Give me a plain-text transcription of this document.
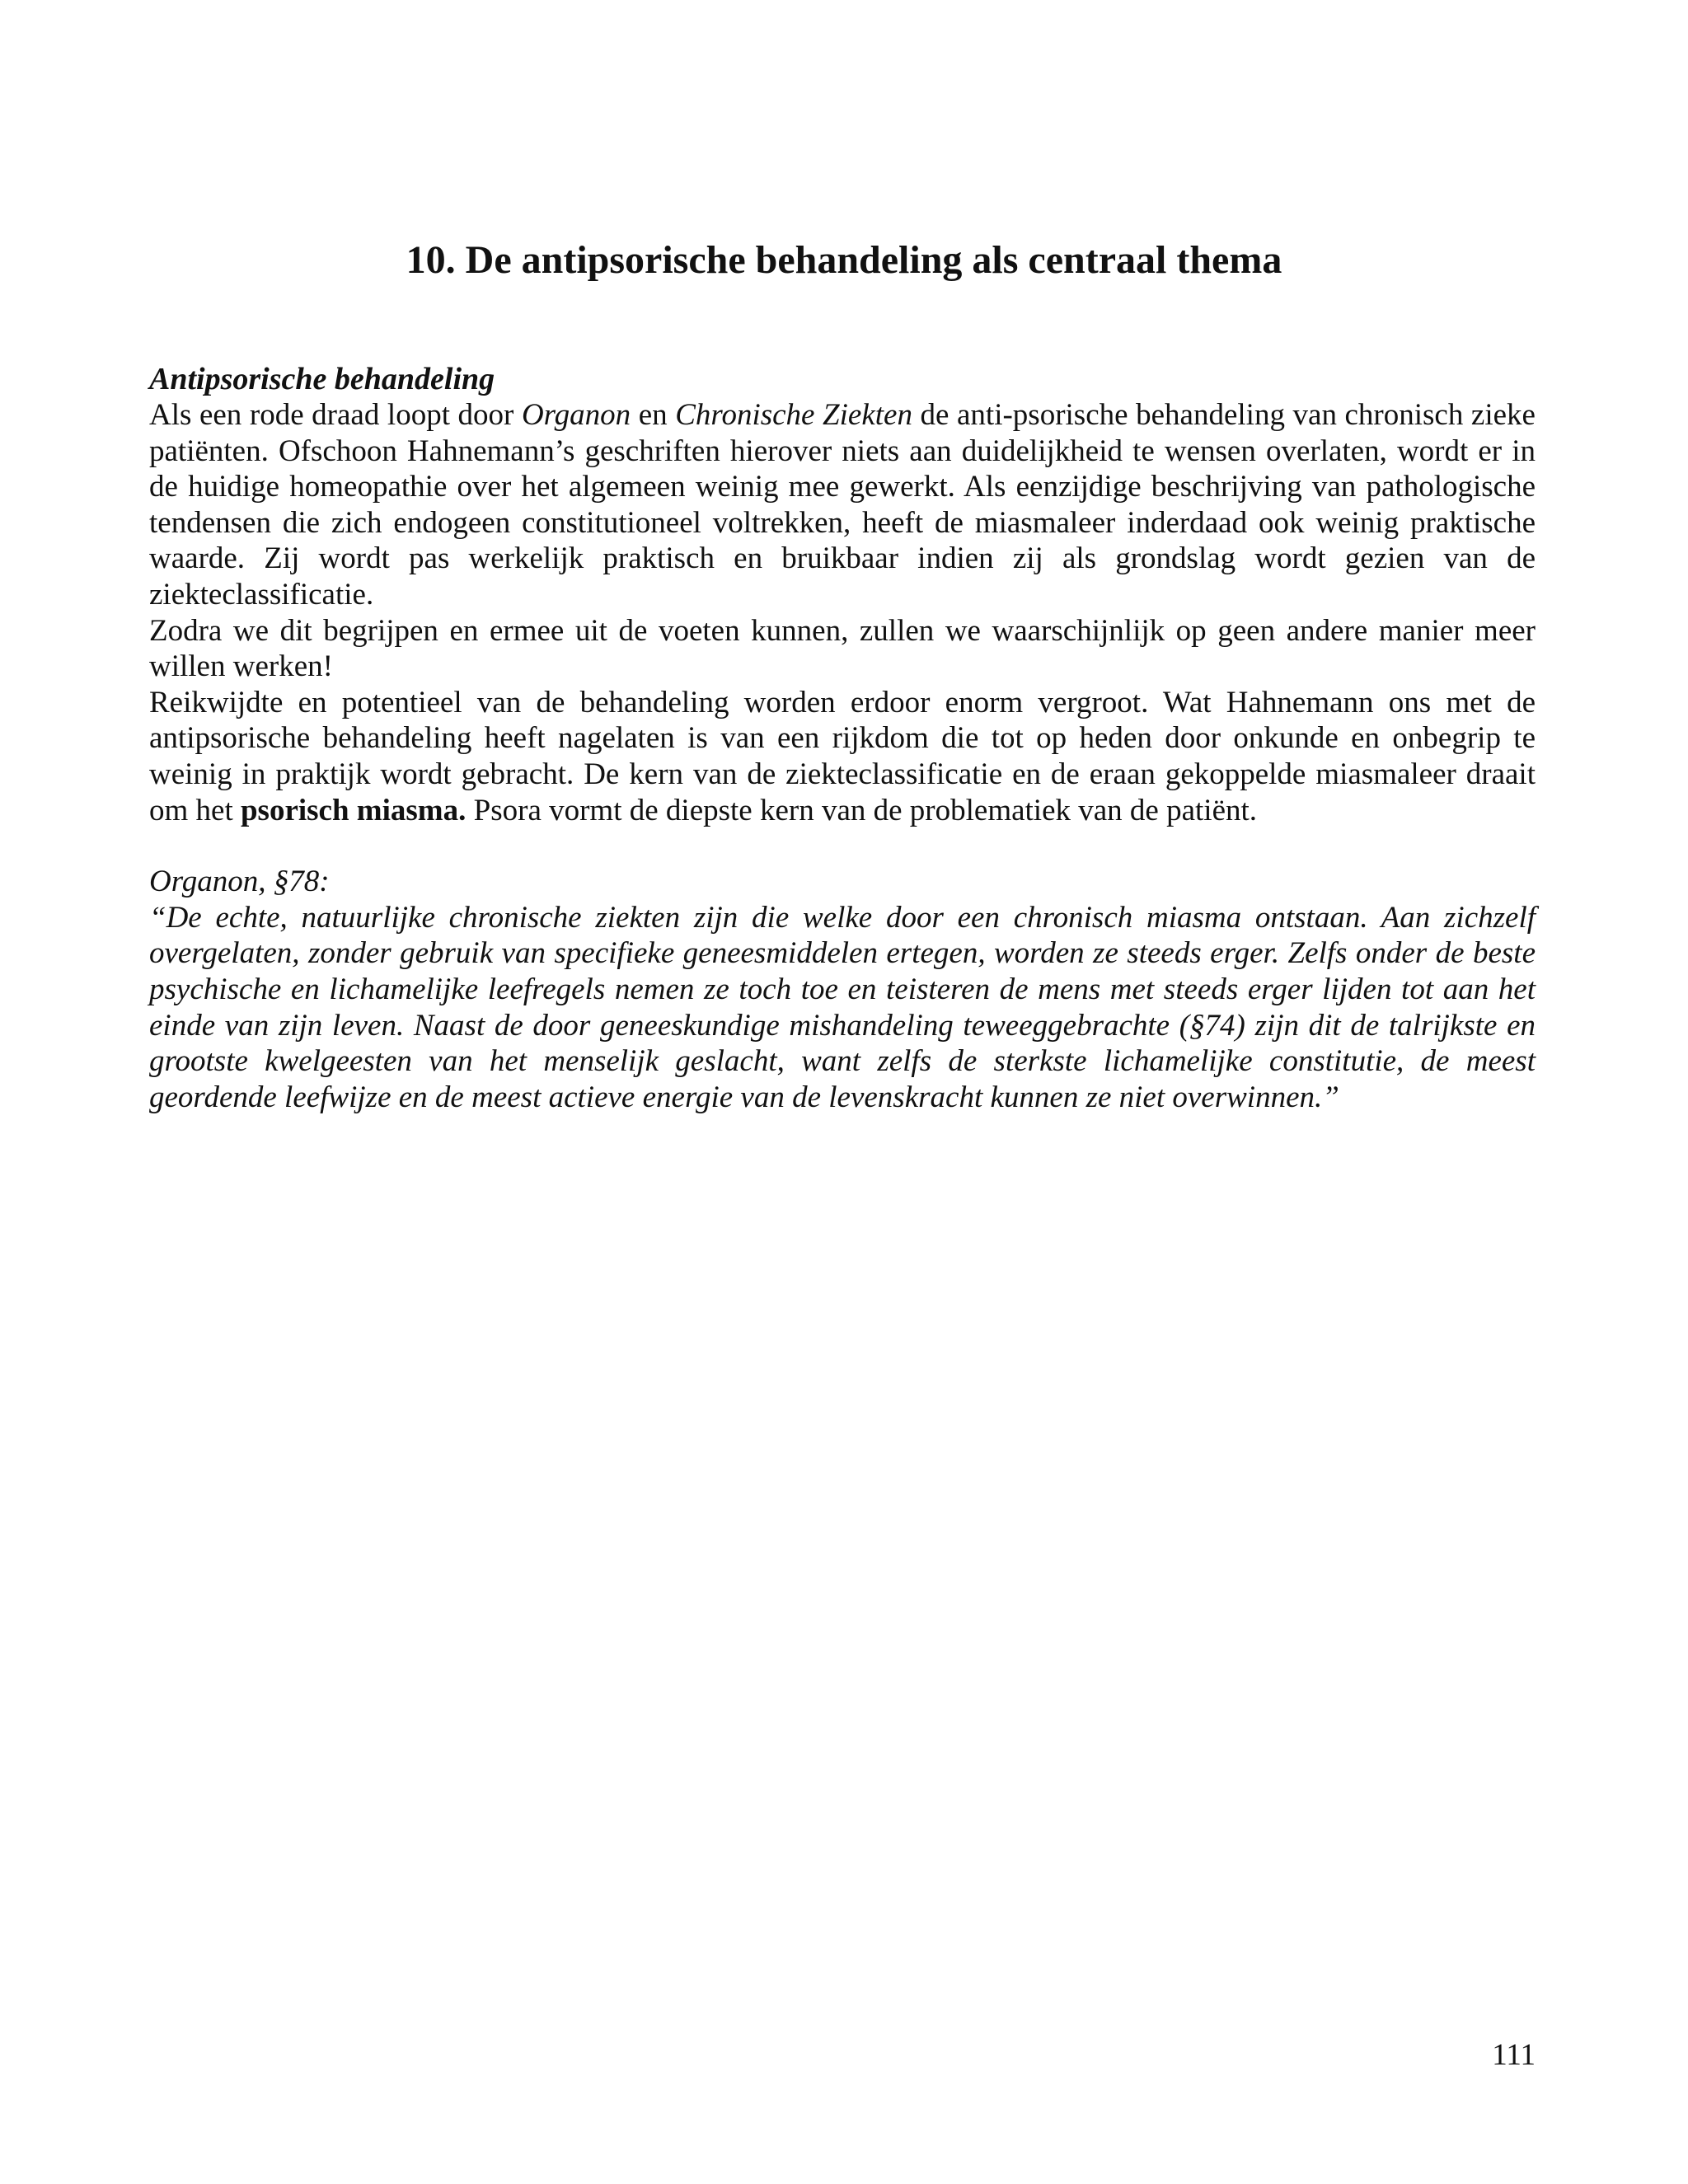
10. De antipsorische behandeling als centraal thema
Antipsorische behandeling

Als een rode draad loopt door Organon en Chronische Ziekten de anti-psorische behandeling van chronisch zieke patiënten. Ofschoon Hahnemann’s geschriften hierover niets aan duidelijkheid te wensen overlaten, wordt er in de huidige homeopathie over het algemeen weinig mee gewerkt. Als eenzijdige beschrijving van pathologische tendensen die zich endogeen constitutioneel voltrekken, heeft de miasmaleer inderdaad ook weinig praktische waarde. Zij wordt pas werkelijk praktisch en bruikbaar indien zij als grondslag wordt gezien van de ziekteclassificatie.

Zodra we dit begrijpen en ermee uit de voeten kunnen, zullen we waarschijnlijk op geen andere manier meer willen werken!

Reikwijdte en potentieel van de behandeling worden erdoor enorm vergroot. Wat Hahnemann ons met de antipsorische behandeling heeft nagelaten is van een rijkdom die tot op heden door onkunde en onbegrip te weinig in praktijk wordt gebracht. De kern van de ziekteclassificatie en de eraan gekoppelde miasmaleer draait om het psorisch miasma. Psora vormt de diepste kern van de problematiek van de patiënt.

Organon, §78:

“De echte, natuurlijke chronische ziekten zijn die welke door een chronisch miasma ontstaan. Aan zichzelf overgelaten, zonder gebruik van specifieke geneesmiddelen ertegen, worden ze steeds erger. Zelfs onder de beste psychische en lichamelijke leefregels nemen ze toch toe en teisteren de mens met steeds erger lijden tot aan het einde van zijn leven. Naast de door geneeskundige mishandeling teweeggebrachte (§74) zijn dit de talrijkste en grootste kwelgeesten van het menselijk geslacht, want zelfs de sterkste lichamelijke constitutie, de meest geordende leefwijze en de meest actieve energie van de levenskracht kunnen ze niet overwinnen.”

111
